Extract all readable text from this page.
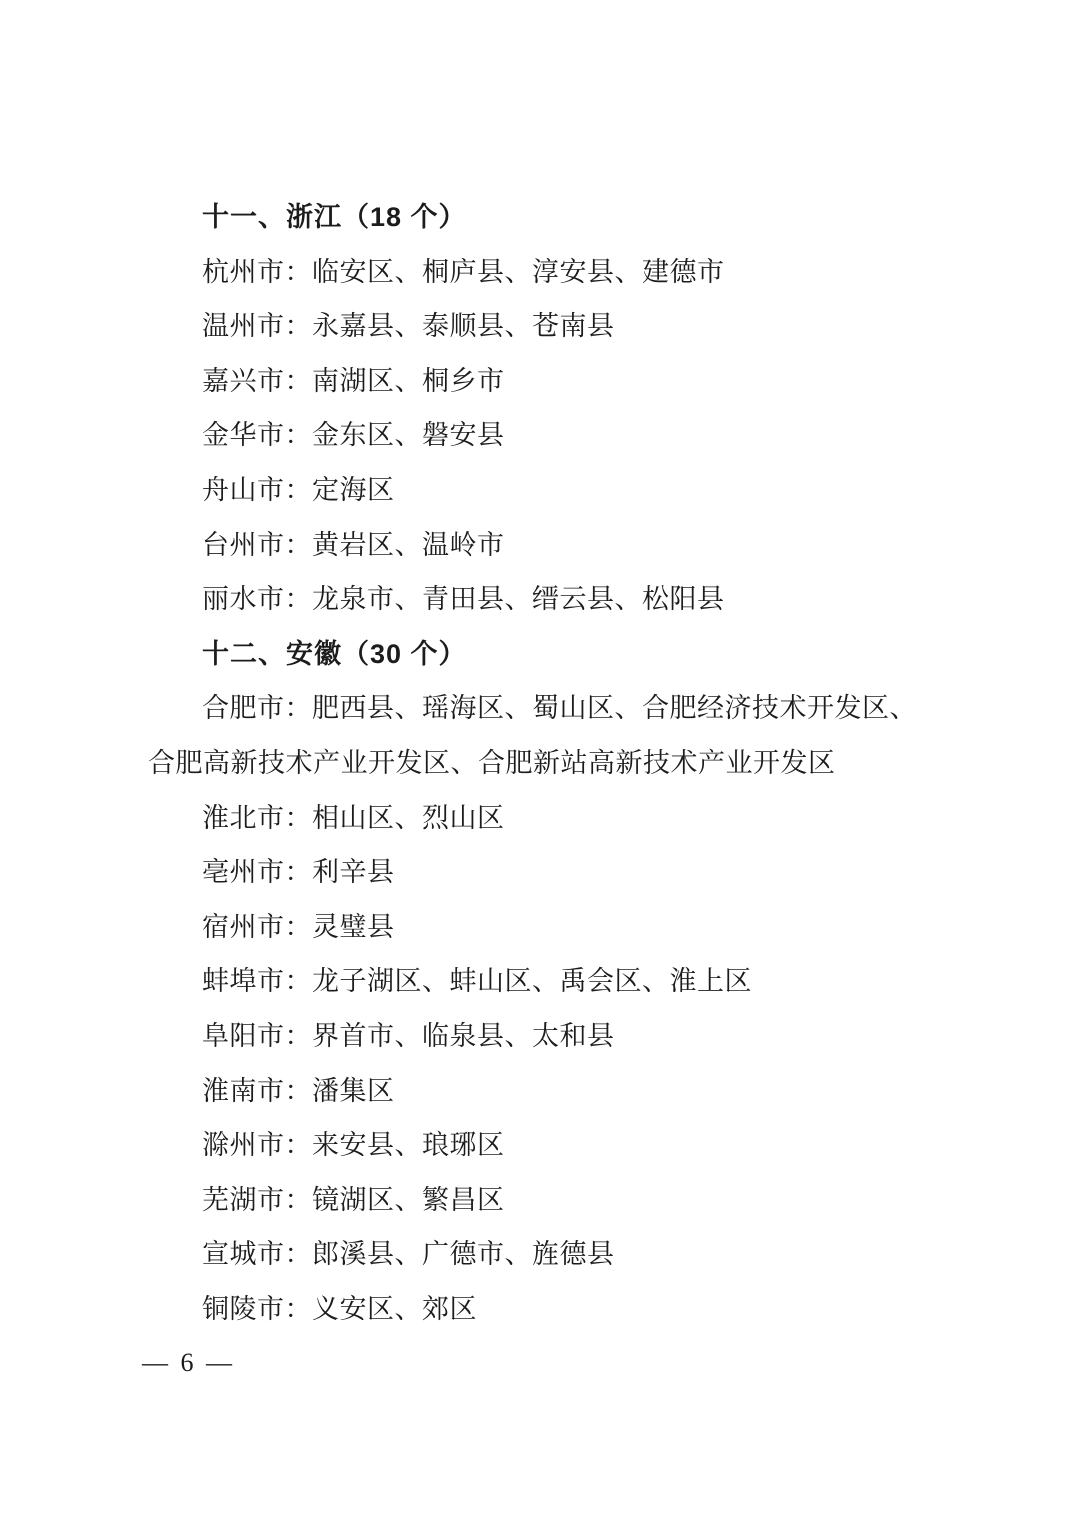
十一、浙江（18 个）
杭州市：临安区、桐庐县、淳安县、建德市
温州市：永嘉县、泰顺县、苍南县
嘉兴市：南湖区、桐乡市
金华市：金东区、磐安县
舟山市：定海区
台州市：黄岩区、温岭市
丽水市：龙泉市、青田县、缙云县、松阳县
十二、安徽（30 个）
合肥市：肥西县、瑶海区、蜀山区、合肥经济技术开发区、
合肥高新技术产业开发区、合肥新站高新技术产业开发区
淮北市：相山区、烈山区
亳州市：利辛县
宿州市：灵璧县
蚌埠市：龙子湖区、蚌山区、禹会区、淮上区
阜阳市：界首市、临泉县、太和县
淮南市：潘集区
滁州市：来安县、琅琊区
芜湖市：镜湖区、繁昌区
宣城市：郎溪县、广德市、旌德县
铜陵市：义安区、郊区
— 6 —
